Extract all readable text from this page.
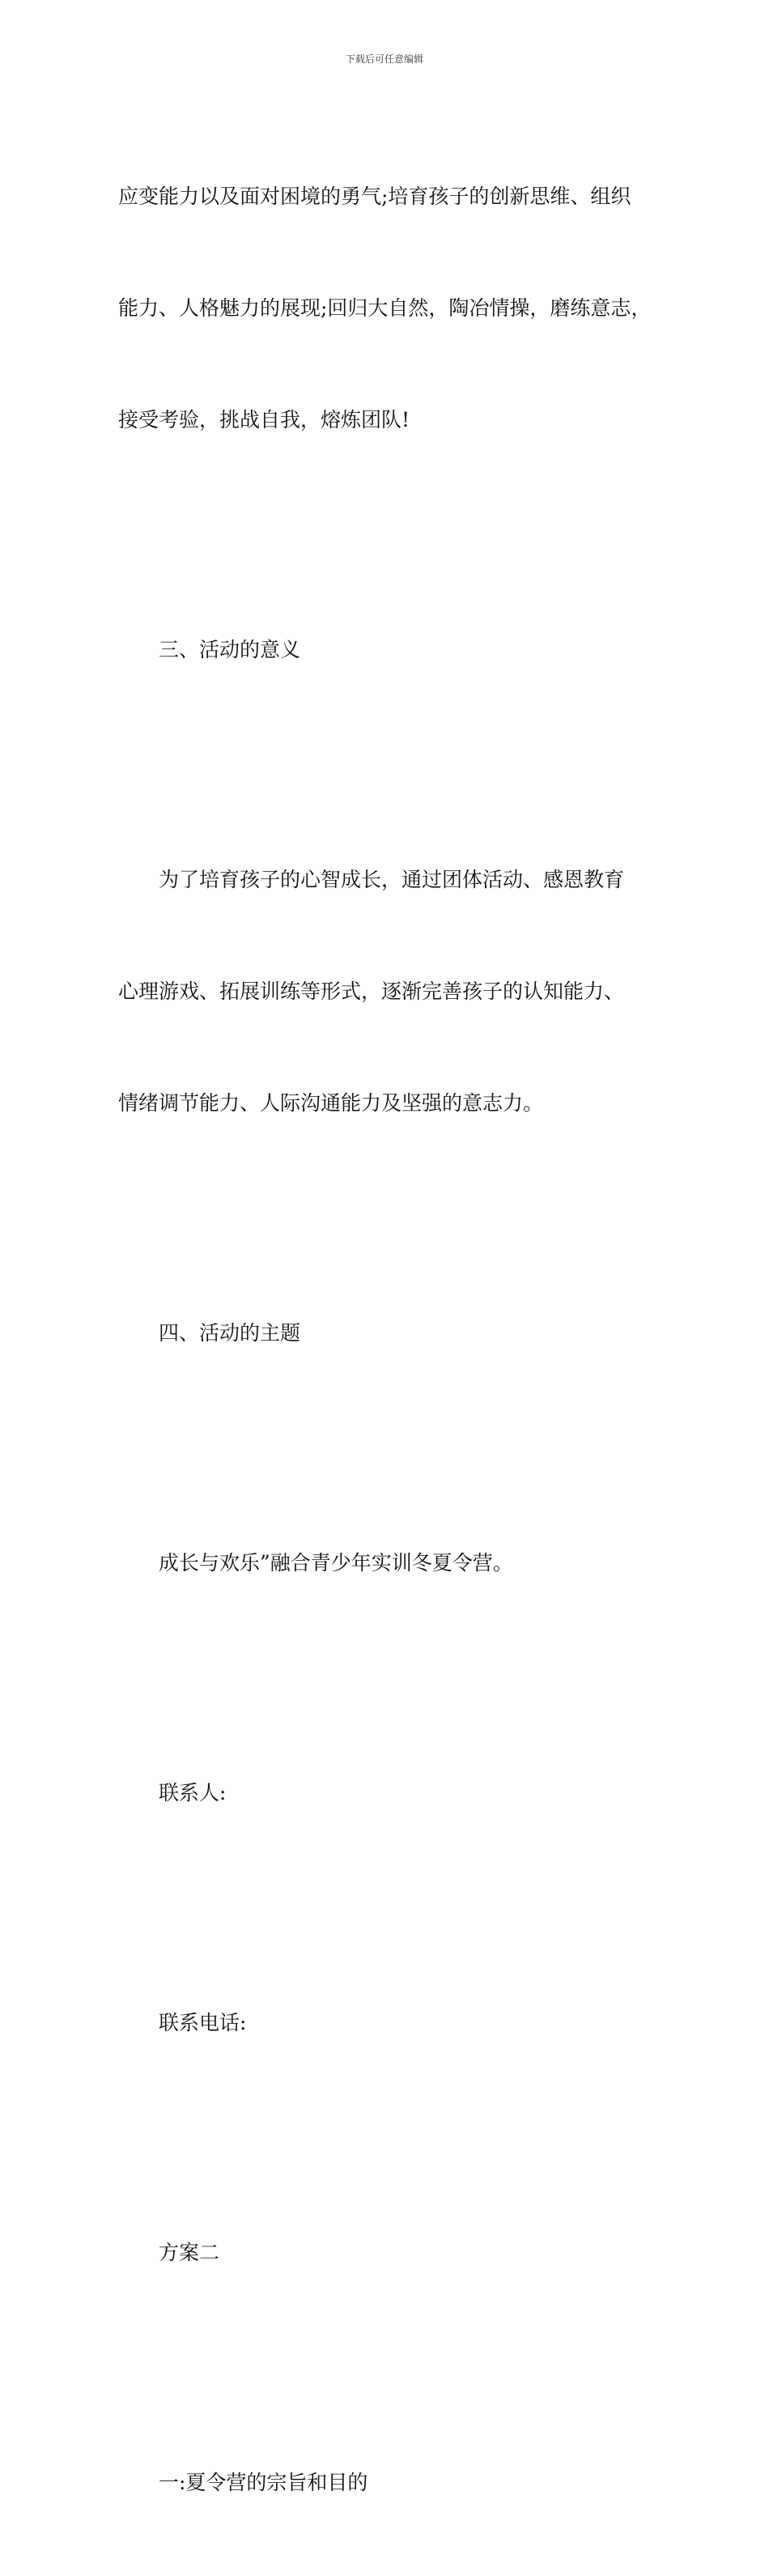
下载后可任意编辑

应变能力以及面对困境的勇气;培育孩子的创新思维、组织

能力、人格魅力的展现;回归大自然，陶冶情操，磨练意志，

接受考验，挑战自我，熔炼团队!

三、活动的意义

为了培育孩子的心智成长，通过团体活动、感恩教育

心理游戏、拓展训练等形式，逐渐完善孩子的认知能力、

情绪调节能力、人际沟通能力及坚强的意志力。

四、活动的主题

成长与欢乐”融合青少年实训冬夏令营。

联系人:

联系电话:

方案二

一:夏令营的宗旨和目的
